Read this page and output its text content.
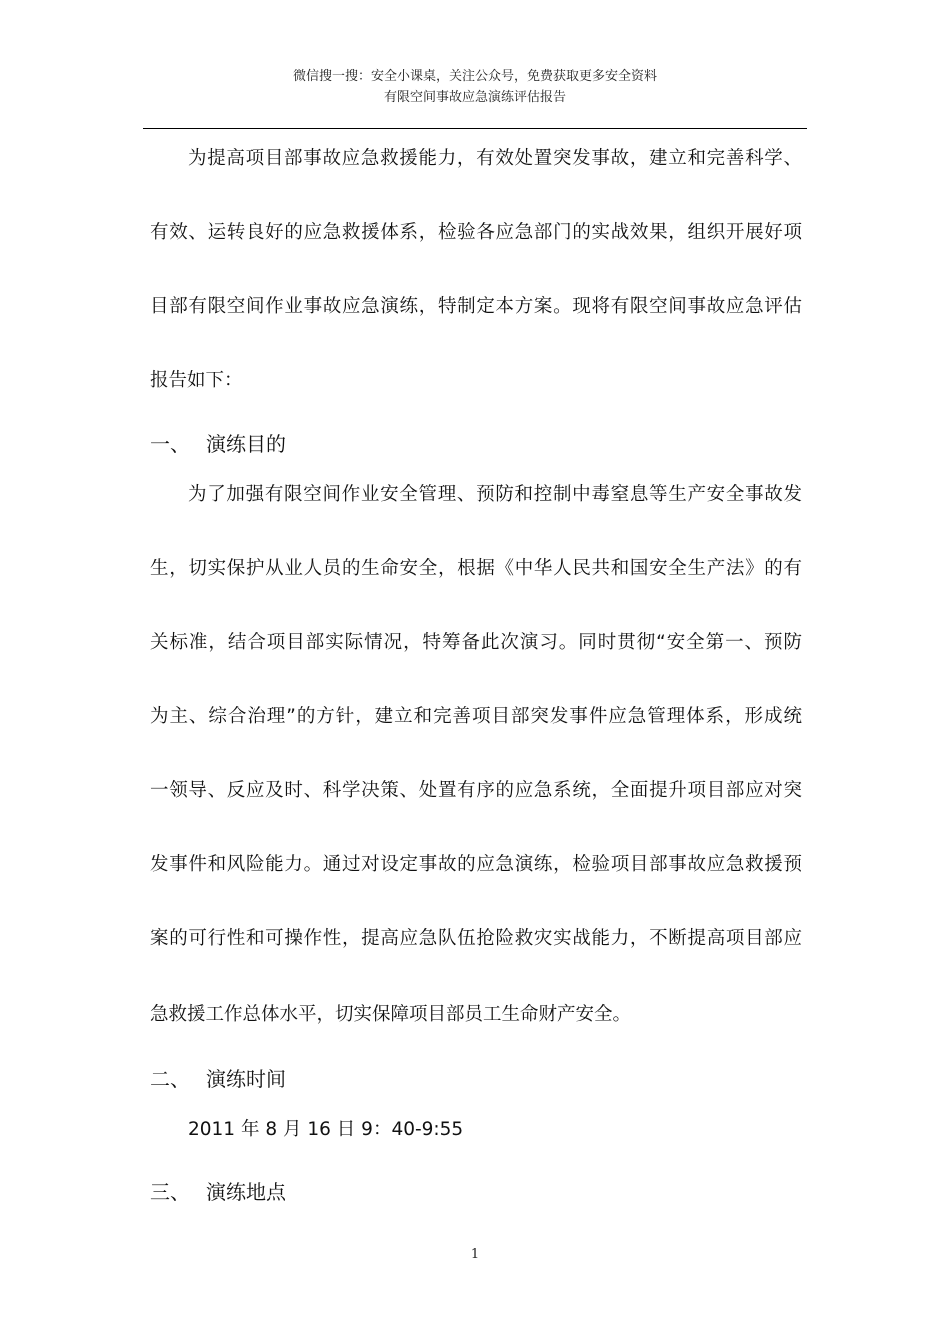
微信搜一搜：安全小课桌，关注公众号，免费获取更多安全资料
有限空间事故应急演练评估报告
为提高项目部事故应急救援能力，有效处置突发事故，建立和完善科学、
有效、运转良好的应急救援体系，检验各应急部门的实战效果，组织开展好项
目部有限空间作业事故应急演练，特制定本方案。现将有限空间事故应急评估
报告如下：
一、 演练目的
为了加强有限空间作业安全管理、预防和控制中毒窒息等生产安全事故发
生，切实保护从业人员的生命安全，根据《中华人民共和国安全生产法》的有
关标准，结合项目部实际情况，特筹备此次演习。同时贯彻“安全第一、预防
为主、综合治理”的方针，建立和完善项目部突发事件应急管理体系，形成统
一领导、反应及时、科学决策、处置有序的应急系统，全面提升项目部应对突
发事件和风险能力。通过对设定事故的应急演练，检验项目部事故应急救援预
案的可行性和可操作性，提高应急队伍抢险救灾实战能力，不断提高项目部应
急救援工作总体水平，切实保障项目部员工生命财产安全。
二、 演练时间
2011 年 8 月 16 日 9：40-9:55
三、 演练地点
1
